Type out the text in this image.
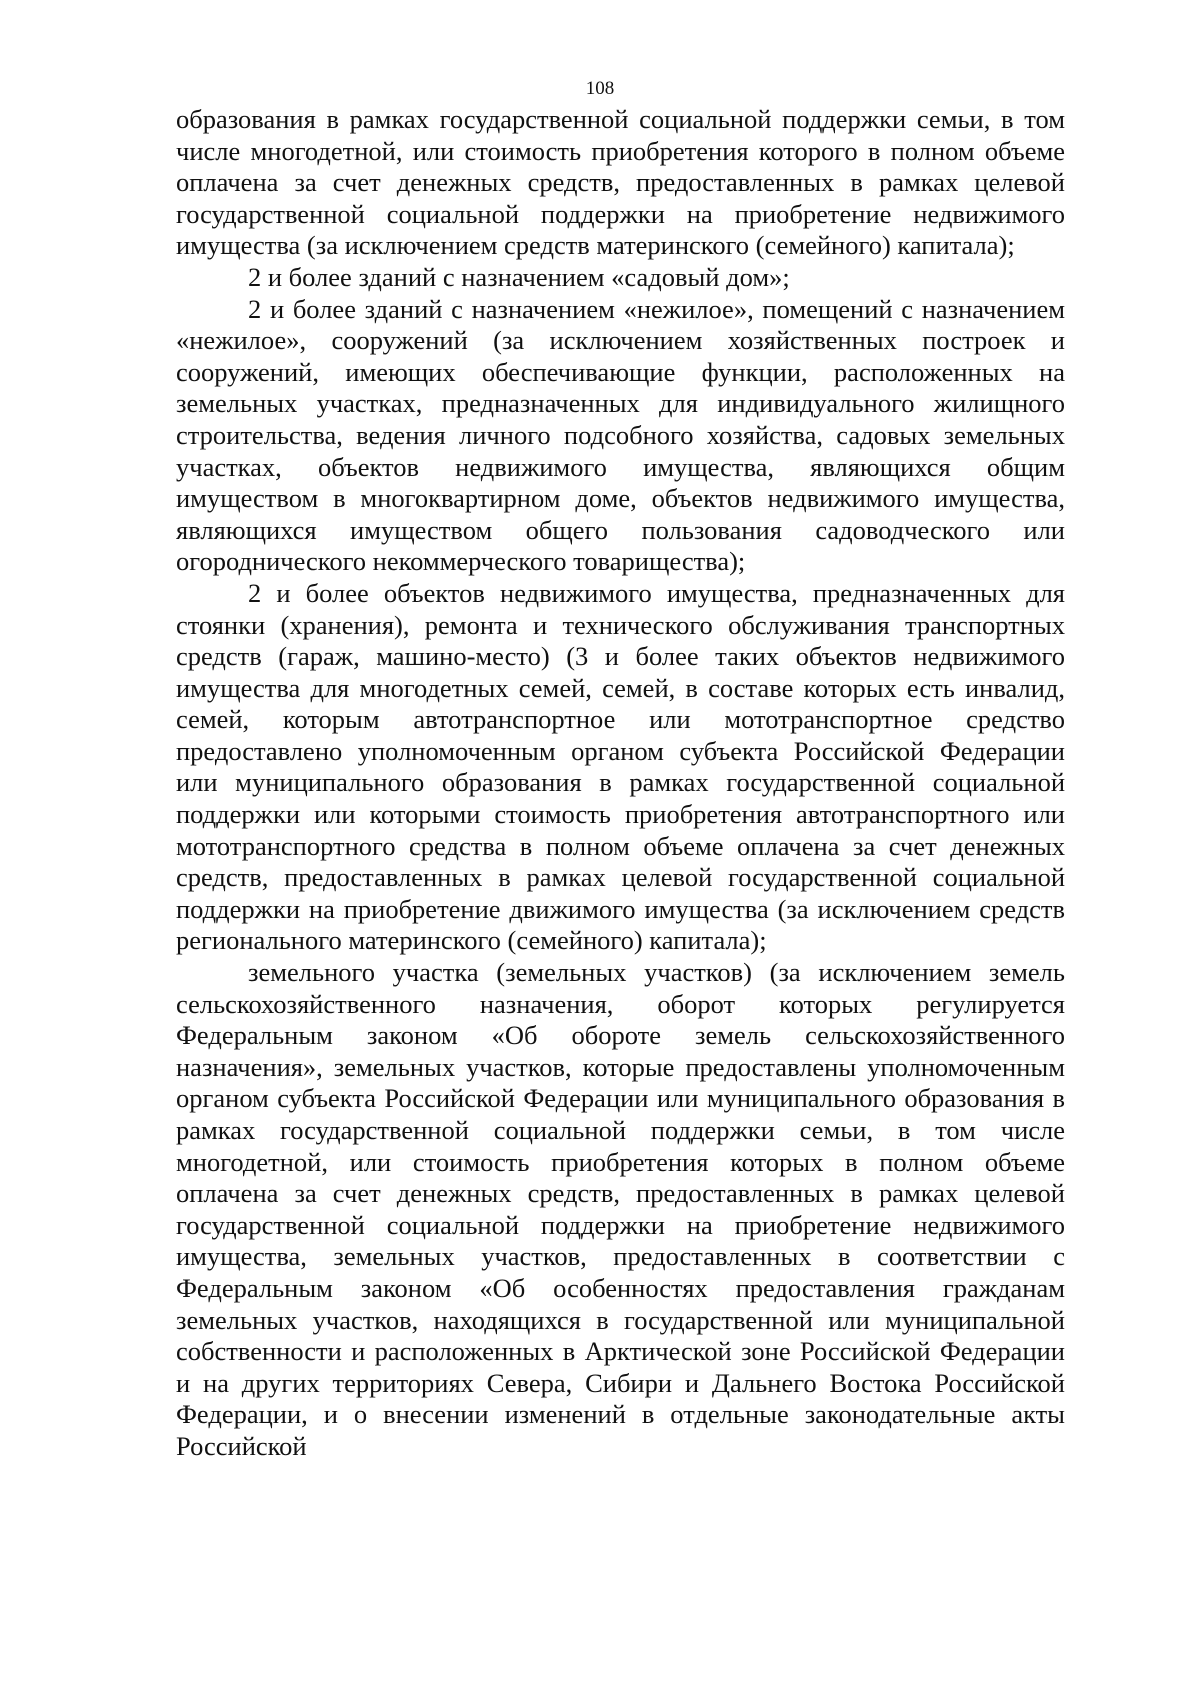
108

образования в рамках государственной социальной поддержки семьи, в том числе многодетной, или стоимость приобретения которого в полном объеме оплачена за счет денежных средств, предоставленных в рамках целевой государственной социальной поддержки на приобретение недвижимого имущества (за исключением средств материнского (семейного) капитала);

2 и более зданий с назначением «садовый дом»;

2 и более зданий с назначением «нежилое», помещений с назначением «нежилое», сооружений (за исключением хозяйственных построек и сооружений, имеющих обеспечивающие функции, расположенных на земельных участках, предназначенных для индивидуального жилищного строительства, ведения личного подсобного хозяйства, садовых земельных участках, объектов недвижимого имущества, являющихся общим имуществом в многоквартирном доме, объектов недвижимого имущества, являющихся имуществом общего пользования садоводческого или огороднического некоммерческого товарищества);

2 и более объектов недвижимого имущества, предназначенных для стоянки (хранения), ремонта и технического обслуживания транспортных средств (гараж, машино-место) (3 и более таких объектов недвижимого имущества для многодетных семей, семей, в составе которых есть инвалид, семей, которым автотранспортное или мототранспортное средство предоставлено уполномоченным органом субъекта Российской Федерации или муниципального образования в рамках государственной социальной поддержки или которыми стоимость приобретения автотранспортного или мототранспортного средства в полном объеме оплачена за счет денежных средств, предоставленных в рамках целевой государственной социальной поддержки на приобретение движимого имущества (за исключением средств регионального материнского (семейного) капитала);

земельного участка (земельных участков) (за исключением земель сельскохозяйственного назначения, оборот которых регулируется Федеральным законом «Об обороте земель сельскохозяйственного назначения», земельных участков, которые предоставлены уполномоченным органом субъекта Российской Федерации или муниципального образования в рамках государственной социальной поддержки семьи, в том числе многодетной, или стоимость приобретения которых в полном объеме оплачена за счет денежных средств, предоставленных в рамках целевой государственной социальной поддержки на приобретение недвижимого имущества, земельных участков, предоставленных в соответствии с Федеральным законом «Об особенностях предоставления гражданам земельных участков, находящихся в государственной или муниципальной собственности и расположенных в Арктической зоне Российской Федерации и на других территориях Севера, Сибири и Дальнего Востока Российской Федерации, и о внесении изменений в отдельные законодательные акты Российской
